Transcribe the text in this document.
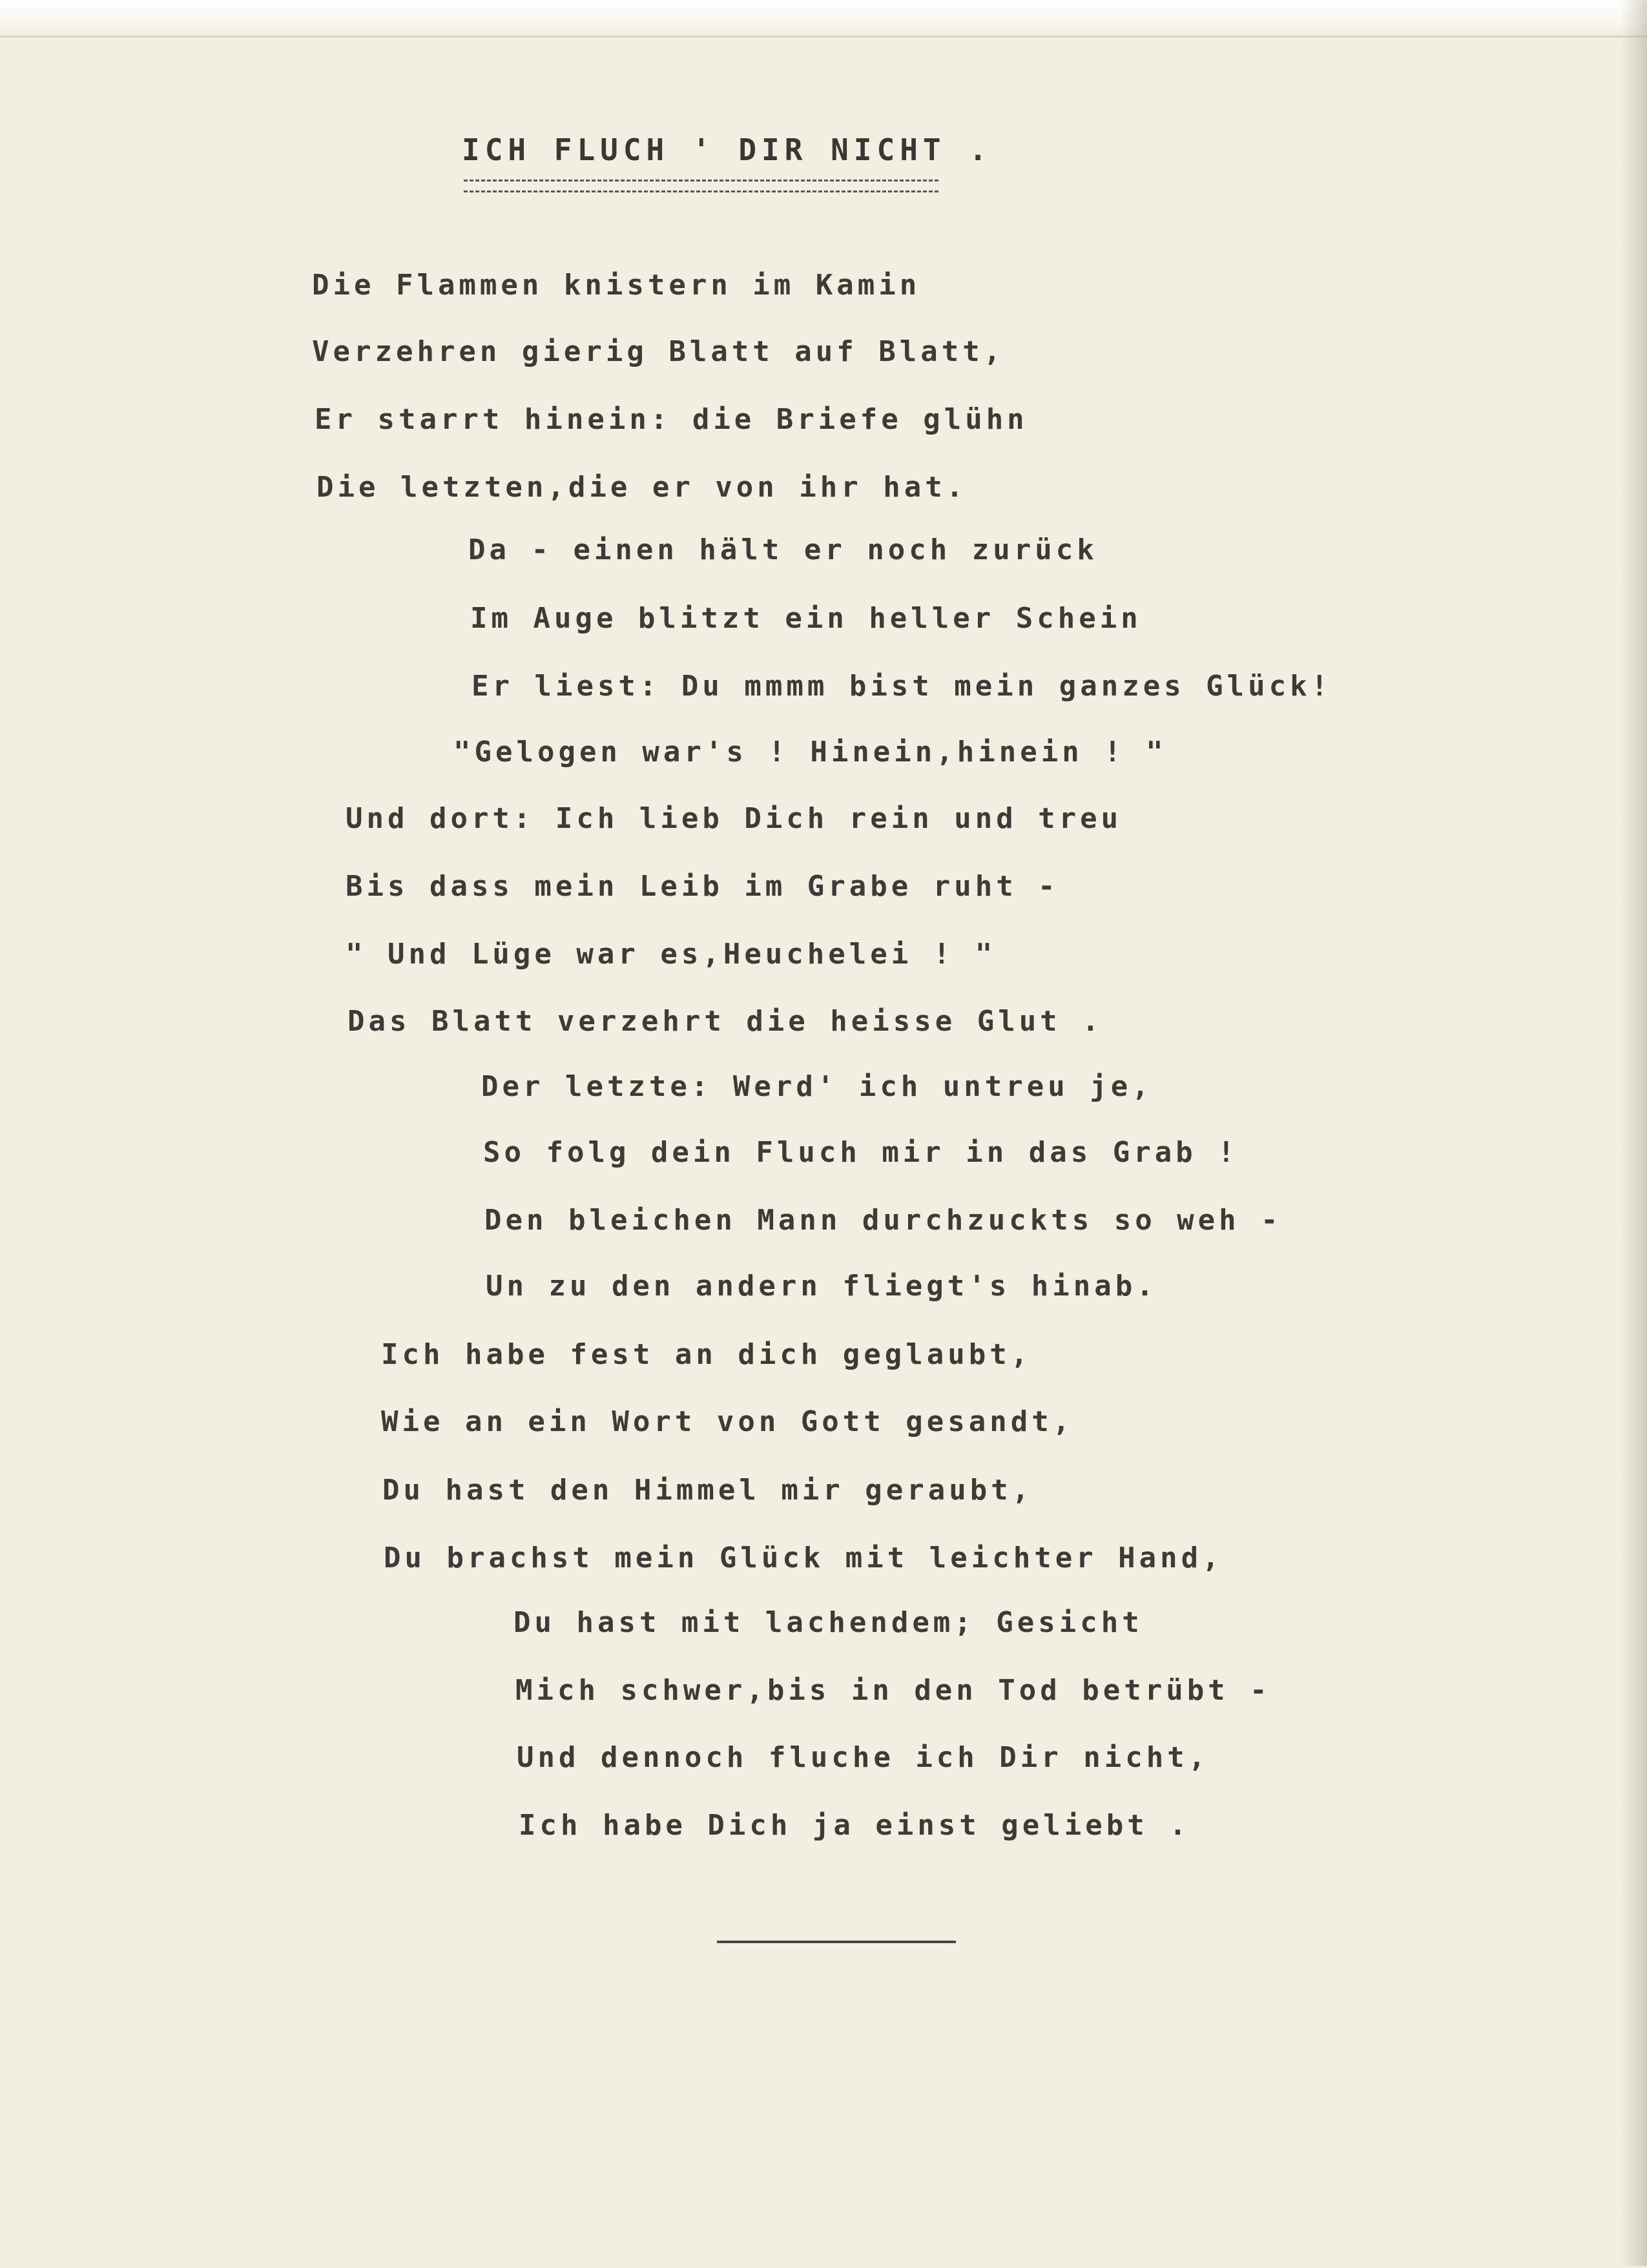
ICH FLUCH ' DIR NICHT .
Die Flammen knistern im Kamin
Verzehren gierig Blatt auf Blatt,
Er starrt hinein: die Briefe glühn
Die letzten,die er von ihr hat.
Da - einen hält er noch zurück
Im Auge blitzt ein heller Schein
Er liest: Du mmmm bist mein ganzes Glück!
"Gelogen war's ! Hinein,hinein ! "
Und dort: Ich lieb Dich rein und treu
Bis dass mein Leib im Grabe ruht -
" Und Lüge war es,Heuchelei ! "
Das Blatt verzehrt die heisse Glut .
Der letzte: Werd' ich untreu je,
So folg dein Fluch mir in das Grab !
Den bleichen Mann durchzuckts so weh -
Un zu den andern fliegt's hinab.
Ich habe fest an dich geglaubt,
Wie an ein Wort von Gott gesandt,
Du hast den Himmel mir geraubt,
Du brachst mein Glück mit leichter Hand,
Du hast mit lachendem; Gesicht
Mich schwer,bis in den Tod betrübt -
Und dennoch fluche ich Dir nicht,
Ich habe Dich ja einst geliebt .
